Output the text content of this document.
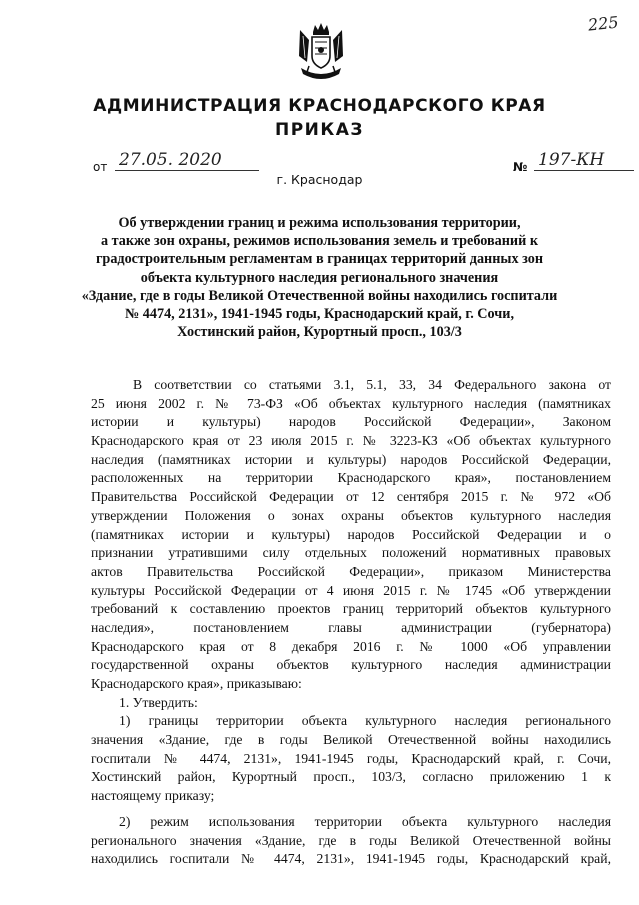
225
АДМИНИСТРАЦИЯ КРАСНОДАРСКОГО КРАЯ
ПРИКАЗ
от 27.05. 2020	№ 197-КН
г. Краснодар
Об утверждении границ и режима использования территории,
а также зон охраны, режимов использования земель и требований к
градостроительным регламентам в границах территорий данных зон
объекта культурного наследия регионального значения
«Здание, где в годы Великой Отечественной войны находились госпитали
№ 4474, 2131», 1941-1945 годы, Краснодарский край, г. Сочи,
Хостинский район, Курортный просп., 103/3
В соответствии со статьями 3.1, 5.1, 33, 34 Федерального закона от
25 июня 2002 г. № 73-ФЗ «Об объектах культурного наследия (памятниках
истории и культуры) народов Российской Федерации», Законом
Краснодарского края от 23 июля 2015 г. № 3223-КЗ «Об объектах культурного
наследия (памятниках истории и культуры) народов Российской Федерации,
расположенных на территории Краснодарского края», постановлением
Правительства Российской Федерации от 12 сентября 2015 г. № 972 «Об
утверждении Положения о зонах охраны объектов культурного наследия
(памятниках истории и культуры) народов Российской Федерации и о
признании утратившими силу отдельных положений нормативных правовых
актов Правительства Российской Федерации», приказом Министерства
культуры Российской Федерации от 4 июня 2015 г. № 1745 «Об утверждении
требований к составлению проектов границ территорий объектов культурного
наследия», постановлением главы администрации (губернатора)
Краснодарского края от 8 декабря 2016 г. № 1000 «Об управлении
государственной охраны объектов культурного наследия администрации
Краснодарского края», приказываю:
1. Утвердить:
1) границы территории объекта культурного наследия регионального
значения «Здание, где в годы Великой Отечественной войны находились
госпитали № 4474, 2131», 1941-1945 годы, Краснодарский край, г. Сочи,
Хостинский район, Курортный просп., 103/3, согласно приложению 1 к
настоящему приказу;
2) режим использования территории объекта культурного наследия
регионального значения «Здание, где в годы Великой Отечественной войны
находились госпитали № 4474, 2131», 1941-1945 годы, Краснодарский край,
